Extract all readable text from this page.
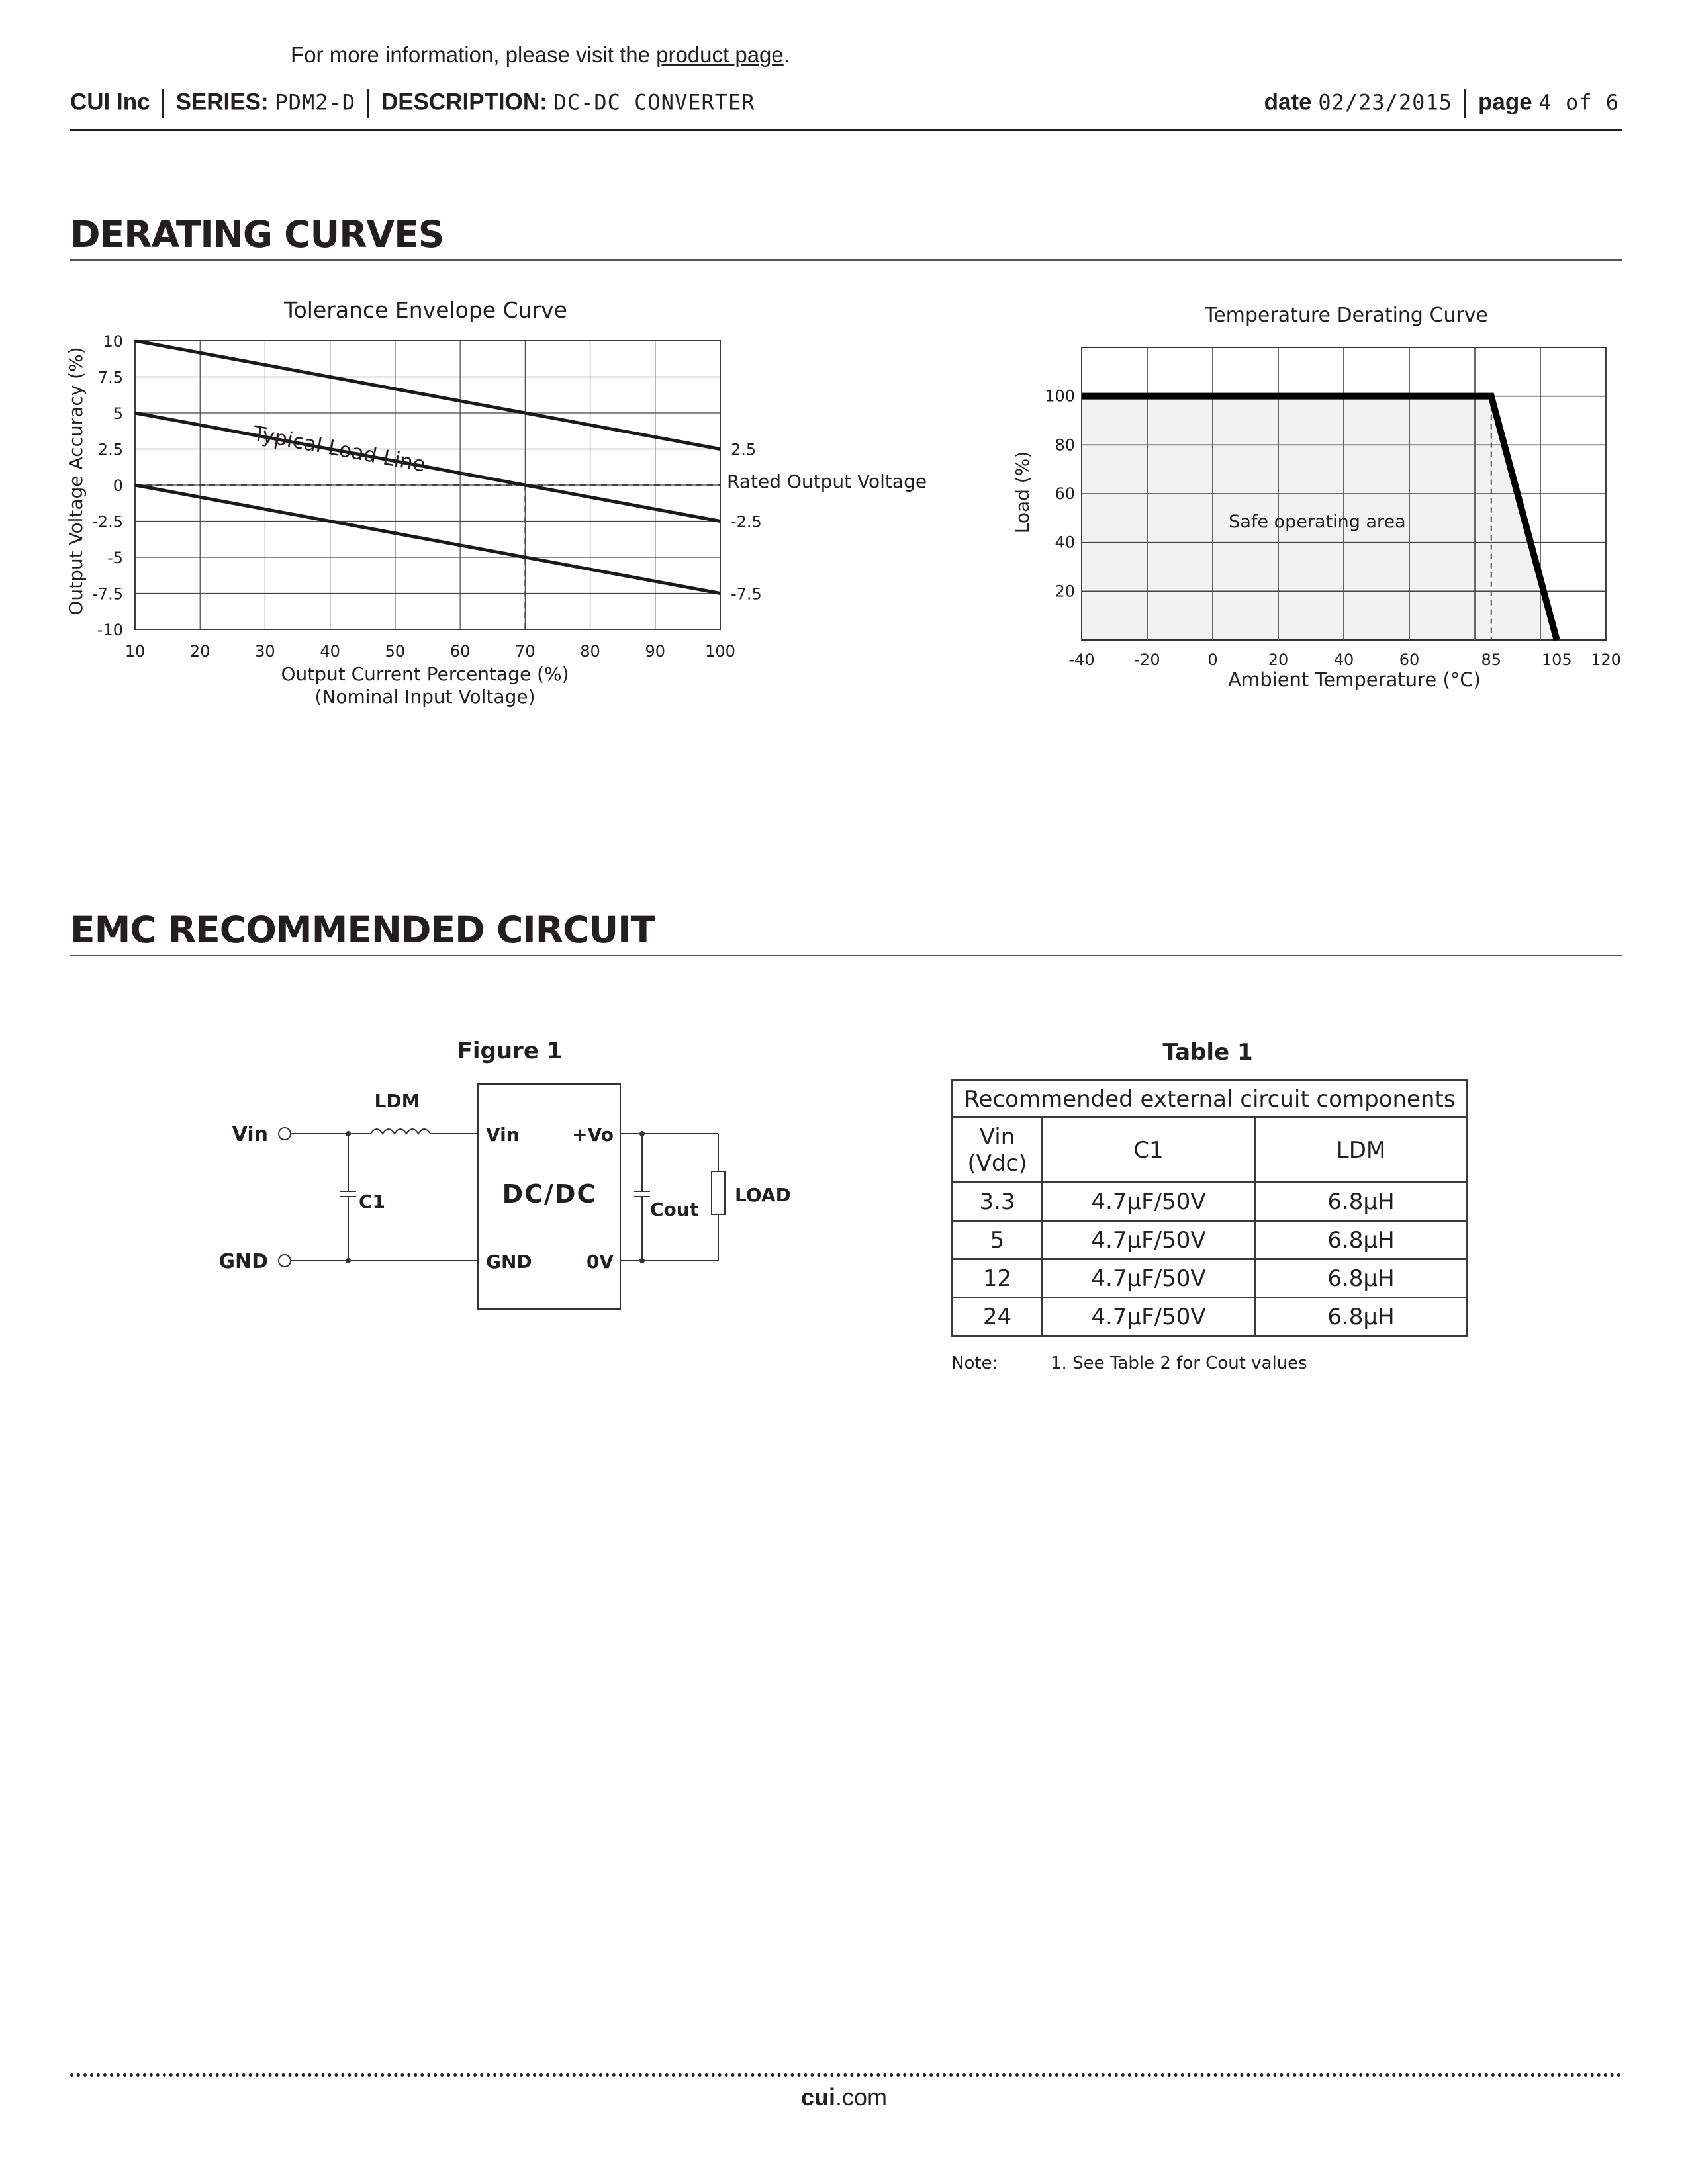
For more information, please visit the product page.
CUI Inc SERIES: PDM2-D DESCRIPTION: DC-DC CONVERTER	date 02/23/2015 page 4 of 6
DERATING CURVES
Tolerance Envelope Curve
10	20	30	40	50	60	70	80	90	100
10
7.5
5
2.5
0
-2.5
-5
-7.5
-10
2.5
-2.5
-7.5
Rated Output Voltage
Typical Load Line
Output Current Percentage (%)
(Nominal Input Voltage)
Output Voltage Accuracy (%)
Temperature Derating Curve
-40 -20	0	20	40	60	85	105 120
100
80
60
40
20
Safe operating area
Ambient Temperature (°C)
Load (%)
EMC RECOMMENDED CIRCUIT
Figure 1
Vin
GND
LDM
C1
Vin	+Vo
DC/DC
GND	0V
Cout
LOAD
Table 1
Recommended external circuit components		
Vin
(Vdc)	C1	LDM
3.3	4.7µF/50V	6.8µH
5	4.7µF/50V	6.8µH
12	4.7µF/50V	6.8µH
24	4.7µF/50V	6.8µH
Note:	1. See Table 2 for Cout values
cui.com
